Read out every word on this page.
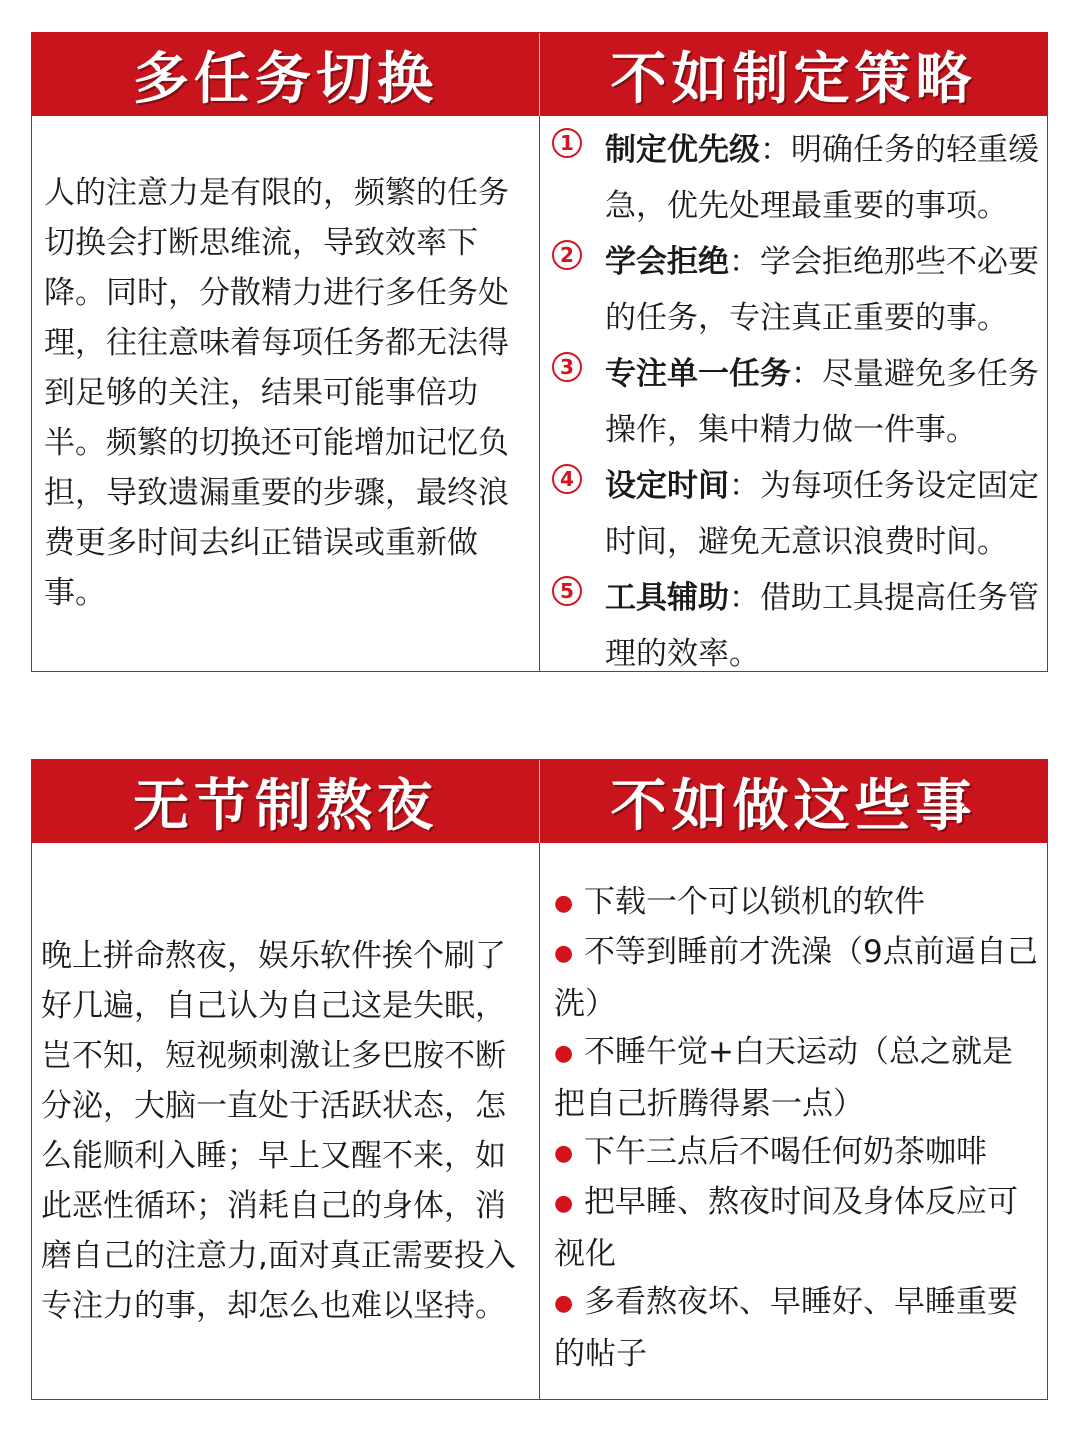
多任务切换	不如制定策略
人的注意力是有限的，频繁的任务切换会打断思维流，导致效率下降。同时，分散精力进行多任务处理，往往意味着每项任务都无法得到足够的关注，结果可能事倍功半。频繁的切换还可能增加记忆负担，导致遗漏重要的步骤，最终浪费更多时间去纠正错误或重新做事。
1 制定优先级：明确任务的轻重缓急，优先处理最重要的事项。
2 学会拒绝：学会拒绝那些不必要的任务，专注真正重要的事。
3 专注单一任务：尽量避免多任务操作，集中精力做一件事。
4 设定时间：为每项任务设定固定时间，避免无意识浪费时间。
5 工具辅助：借助工具提高任务管理的效率。
无节制熬夜	不如做这些事
晚上拼命熬夜，娱乐软件挨个刷了好几遍，自己认为自己这是失眠，岂不知，短视频刺激让多巴胺不断分泌，大脑一直处于活跃状态，怎么能顺利入睡；早上又醒不来，如此恶性循环；消耗自己的身体，消磨自己的注意力,面对真正需要投入专注力的事，却怎么也难以坚持。
● 下载一个可以锁机的软件
● 不等到睡前才洗澡（9点前逼自己洗）
● 不睡午觉+白天运动（总之就是把自己折腾得累一点）
● 下午三点后不喝任何奶茶咖啡
● 把早睡、熬夜时间及身体反应可视化
● 多看熬夜坏、早睡好、早睡重要的帖子
